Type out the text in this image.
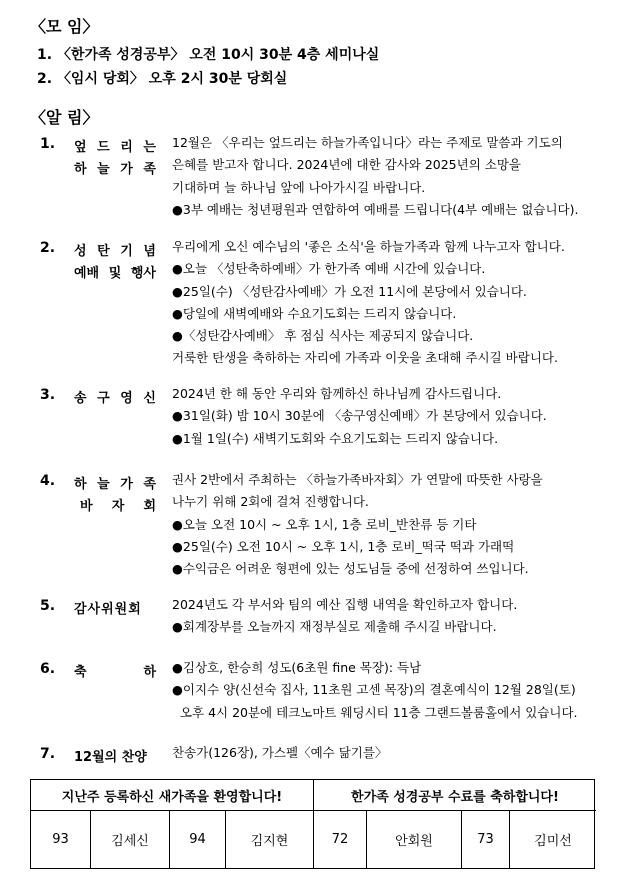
〈모 임〉
1. 〈한가족 성경공부〉 오전 10시 30분 4층 세미나실
2. 〈임시 당회〉 오후 2시 30분 당회실
〈알 림〉
1. 엎 드 리 는
하 늘 가 족
12월은 〈우리는 엎드리는 하늘가족입니다〉라는 주제로 말씀과 기도의
은혜를 받고자 합니다. 2024년에 대한 감사와 2025년의 소망을
기대하며 늘 하나님 앞에 나아가시길 바랍니다.
●3부 예배는 청년평원과 연합하여 예배를 드립니다(4부 예배는 없습니다).
2. 성 탄 기 념
예배 및 행사
우리에게 오신 예수님의 '좋은 소식'을 하늘가족과 함께 나누고자 합니다.
●오늘 〈성탄축하예배〉가 한가족 예배 시간에 있습니다.
●25일(수) 〈성탄감사예배〉가 오전 11시에 본당에서 있습니다.
●당일에 새벽예배와 수요기도회는 드리지 않습니다.
●〈성탄감사예배〉 후 점심 식사는 제공되지 않습니다.
거룩한 탄생을 축하하는 자리에 가족과 이웃을 초대해 주시길 바랍니다.
3. 송 구 영 신 2024년 한 해 동안 우리와 함께하신 하나님께 감사드립니다.
●31일(화) 밤 10시 30분에 〈송구영신예배〉가 본당에서 있습니다.
●1월 1일(수) 새벽기도회와 수요기도회는 드리지 않습니다.
4. 하 늘 가 족
바 자 회
권사 2반에서 주최하는 〈하늘가족바자회〉가 연말에 따뜻한 사랑을
나누기 위해 2회에 걸쳐 진행합니다.
●오늘 오전 10시 ~ 오후 1시, 1층 로비_반찬류 등 기타
●25일(수) 오전 10시 ~ 오후 1시, 1층 로비_떡국 떡과 가래떡
●수익금은 어려운 형편에 있는 성도님들 중에 선정하여 쓰입니다.
5. 감사위원회 2024년도 각 부서와 팀의 예산 집행 내역을 확인하고자 합니다.
●회계장부를 오늘까지 재정부실로 제출해 주시길 바랍니다.
6. 축	하 ●김상호, 한승희 성도(6초원 fine 목장): 득남
●이지수 양(신선숙 집사, 11초원 고센 목장)의 결혼예식이 12월 28일(토)
오후 4시 20분에 테크노마트 웨딩시티 11층 그랜드볼룸홀에서 있습니다.
7. 12월의 찬양 찬송가(126장), 가스펠〈예수 닮기를〉
지난주 등록하신 새가족을 환영합니다!	한가족 성경공부 수료를 축하합니다!
93	김세신	94	김지현	72	안회원	73	김미선
